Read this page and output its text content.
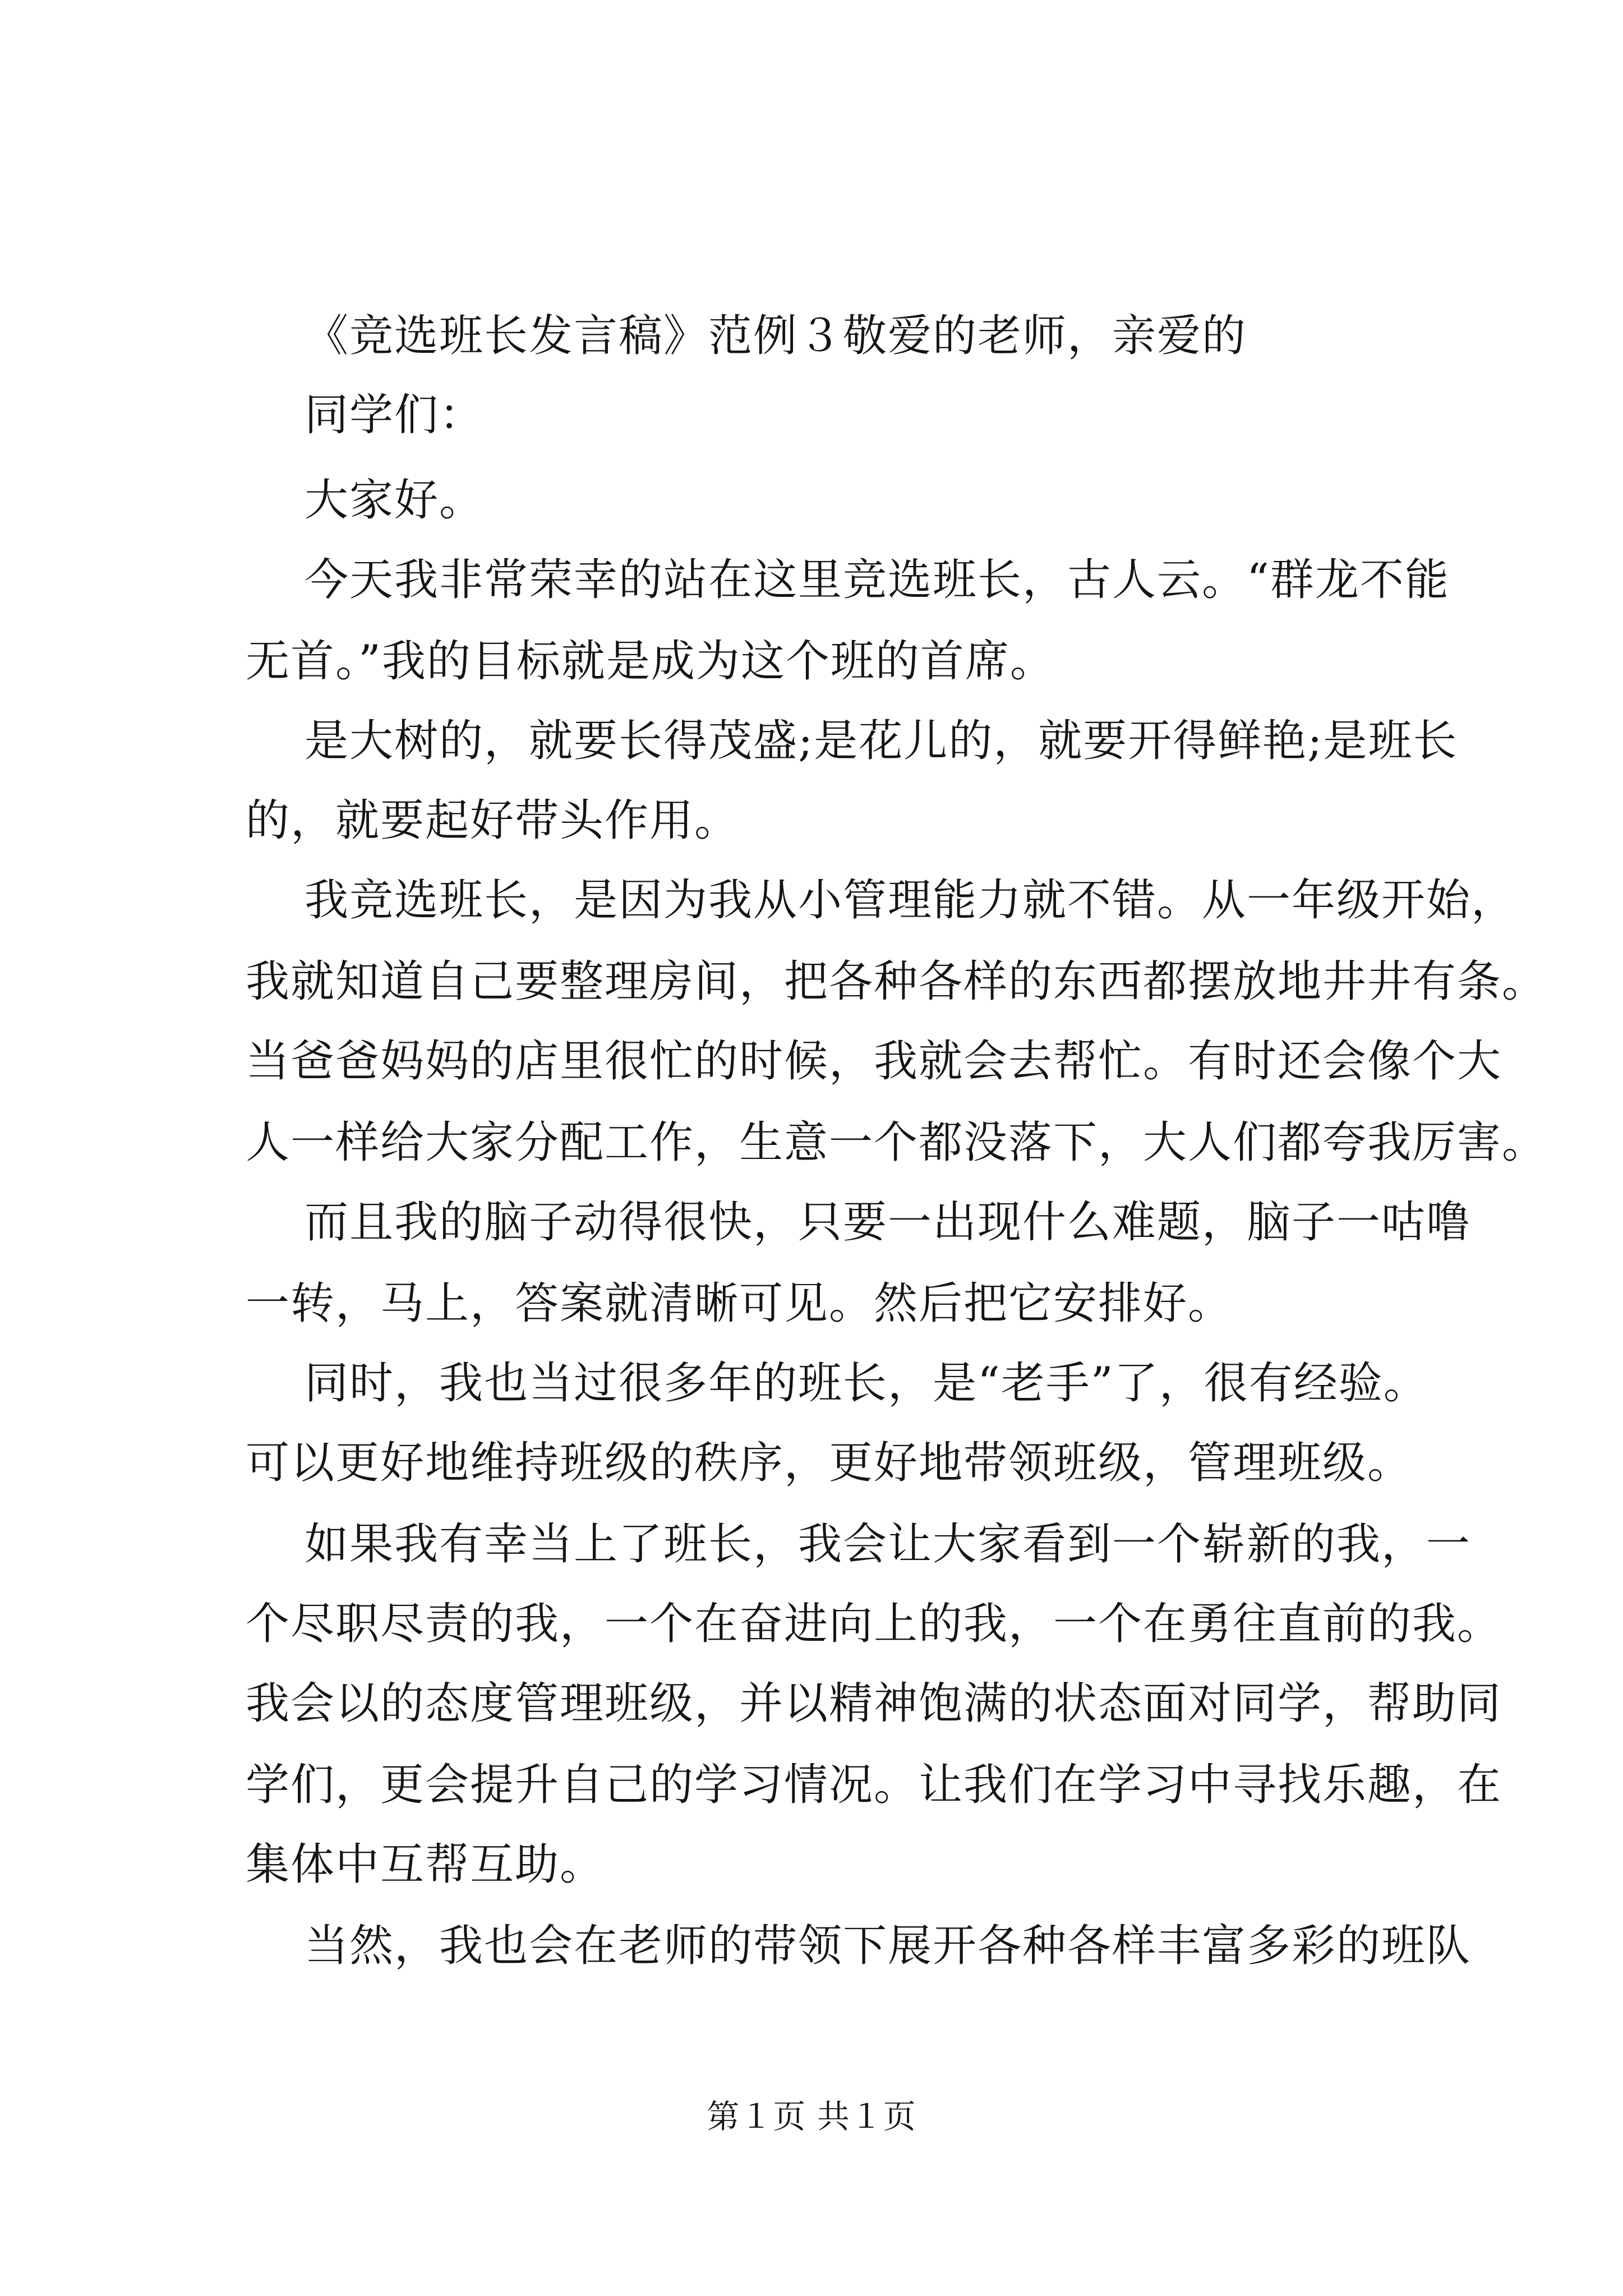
《竞选班长发言稿》范例３敬爱的老师，亲爱的
同学们：
大家好。
今天我非常荣幸的站在这里竞选班长，古人云。“群龙不能
无首。”我的目标就是成为这个班的首席。
是大树的，就要长得茂盛;是花儿的，就要开得鲜艳;是班长
的，就要起好带头作用。
我竞选班长，是因为我从小管理能力就不错。从一年级开始，
我就知道自己要整理房间，把各种各样的东西都摆放地井井有条。
当爸爸妈妈的店里很忙的时候，我就会去帮忙。有时还会像个大
人一样给大家分配工作，生意一个都没落下，大人们都夸我厉害。
而且我的脑子动得很快，只要一出现什么难题，脑子一咕噜
一转，马上，答案就清晰可见。然后把它安排好。
同时，我也当过很多年的班长，是“老手”了，很有经验。
可以更好地维持班级的秩序，更好地带领班级，管理班级。
如果我有幸当上了班长，我会让大家看到一个崭新的我，一
个尽职尽责的我，一个在奋进向上的我，一个在勇往直前的我。
我会以的态度管理班级，并以精神饱满的状态面对同学，帮助同
学们，更会提升自己的学习情况。让我们在学习中寻找乐趣，在
集体中互帮互助。
当然，我也会在老师的带领下展开各种各样丰富多彩的班队
第１页 共１页
